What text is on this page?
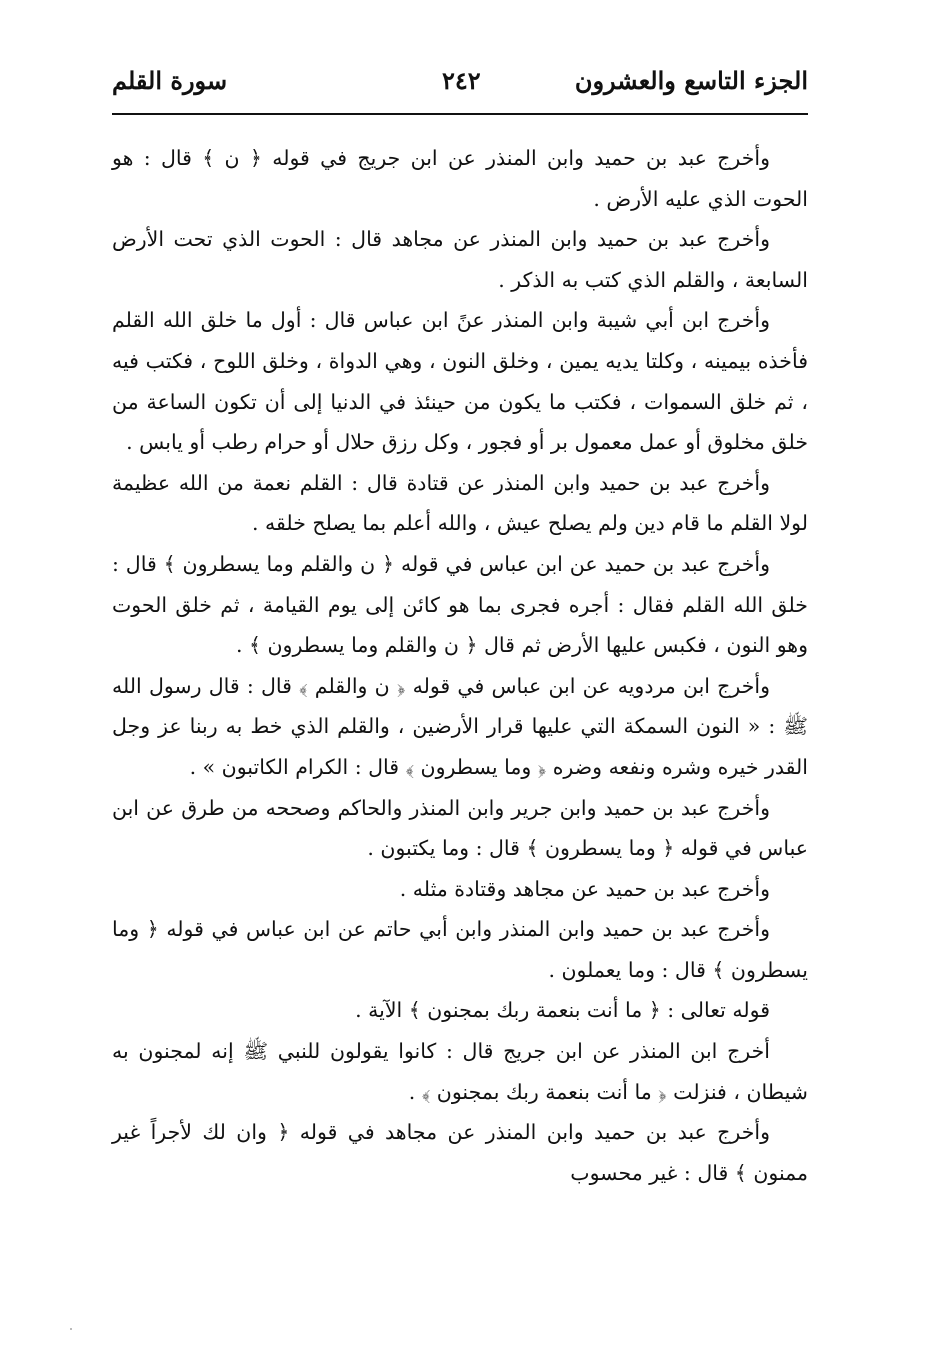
الجزء التاسع والعشرون
٢٤٢
سورة القلم

وأخرج عبد بن حميد وابن المنذر عن ابن جريج في قوله ﴿ ن ﴾ قال : هو الحوت الذي عليه الأرض .

وأخرج عبد بن حميد وابن المنذر عن مجاهد قال : الحوت الذي تحت الأرض السابعة ، والقلم الذي كتب به الذكر .

وأخرج ابن أبي شيبة وابن المنذر عنً ابن عباس قال : أول ما خلق الله القلم فأخذه بيمينه ، وكلتا يديه يمين ، وخلق النون ، وهي الدواة ، وخلق اللوح ، فكتب فيه ، ثم خلق السموات ، فكتب ما يكون من حينئذ في الدنيا إلى أن تكون الساعة من خلق مخلوق أو عمل معمول بر أو فجور ، وكل رزق حلال أو حرام رطب أو يابس .

وأخرج عبد بن حميد وابن المنذر عن قتادة قال : القلم نعمة من الله عظيمة لولا القلم ما قام دين ولم يصلح عيش ، والله أعلم بما يصلح خلقه .

وأخرج عبد بن حميد عن ابن عباس في قوله ﴿ ن والقلم وما يسطرون ﴾ قال : خلق الله القلم فقال : أجره فجرى بما هو كائن إلى يوم القيامة ، ثم خلق الحوت وهو النون ، فكبس عليها الأرض ثم قال ﴿ ن والقلم وما يسطرون ﴾ .

وأخرج ابن مردويه عن ابن عباس في قوله ﴿ ن والقلم ﴾ قال : قال رسول الله ﷺ : « النون السمكة التي عليها قرار الأرضين ، والقلم الذي خط به ربنا عز وجل القدر خيره وشره ونفعه وضره ﴿ وما يسطرون ﴾ قال : الكرام الكاتبون » .

وأخرج عبد بن حميد وابن جرير وابن المنذر والحاكم وصححه من طرق عن ابن عباس في قوله ﴿ وما يسطرون ﴾ قال : وما يكتبون .

وأخرج عبد بن حميد عن مجاهد وقتادة مثله .

وأخرج عبد بن حميد وابن المنذر وابن أبي حاتم عن ابن عباس في قوله ﴿ وما يسطرون ﴾ قال : وما يعملون .

قوله تعالى : ﴿ ما أنت بنعمة ربك بمجنون ﴾ الآية .

أخرج ابن المنذر عن ابن جريج قال : كانوا يقولون للنبي ﷺ إنه لمجنون به شيطان ، فنزلت ﴿ ما أنت بنعمة ربك بمجنون ﴾ .

وأخرج عبد بن حميد وابن المنذر عن مجاهد في قوله ﴿ وان لك لأجراً غير ممنون ﴾ قال : غير محسوب
